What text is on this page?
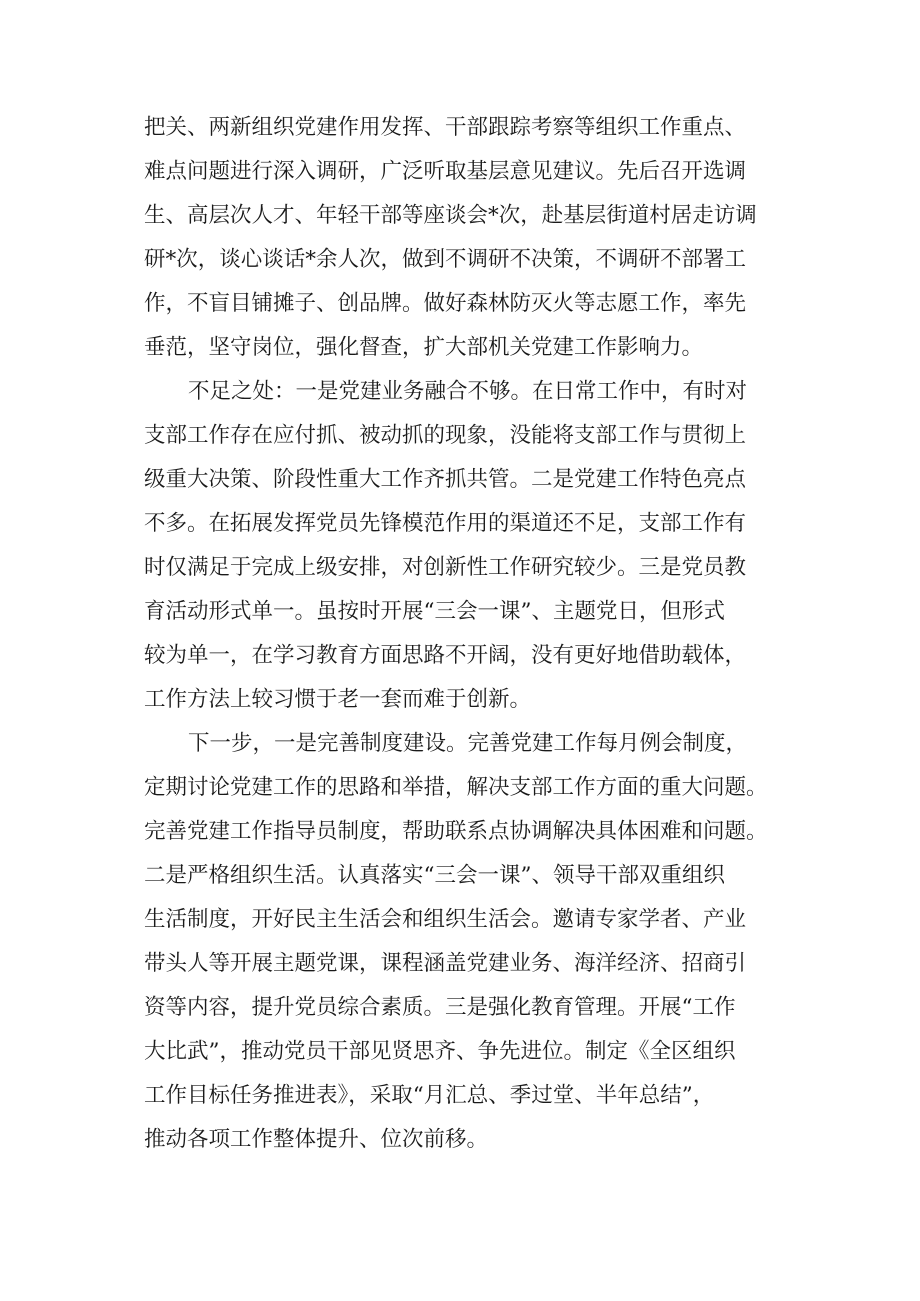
把关、两新组织党建作用发挥、干部跟踪考察等组织工作重点、
难点问题进行深入调研，广泛听取基层意见建议。先后召开选调
生、高层次人才、年轻干部等座谈会*次，赴基层街道村居走访调
研*次，谈心谈话*余人次，做到不调研不决策，不调研不部署工
作，不盲目铺摊子、创品牌。做好森林防灭火等志愿工作，率先
垂范，坚守岗位，强化督查，扩大部机关党建工作影响力。
不足之处：一是党建业务融合不够。在日常工作中，有时对
支部工作存在应付抓、被动抓的现象，没能将支部工作与贯彻上
级重大决策、阶段性重大工作齐抓共管。二是党建工作特色亮点
不多。在拓展发挥党员先锋模范作用的渠道还不足，支部工作有
时仅满足于完成上级安排，对创新性工作研究较少。三是党员教
育活动形式单一。虽按时开展“三会一课”、主题党日，但形式
较为单一，在学习教育方面思路不开阔，没有更好地借助载体，
工作方法上较习惯于老一套而难于创新。
下一步，一是完善制度建设。完善党建工作每月例会制度，
定期讨论党建工作的思路和举措，解决支部工作方面的重大问题。
完善党建工作指导员制度，帮助联系点协调解决具体困难和问题。
二是严格组织生活。认真落实“三会一课”、领导干部双重组织
生活制度，开好民主生活会和组织生活会。邀请专家学者、产业
带头人等开展主题党课，课程涵盖党建业务、海洋经济、招商引
资等内容，提升党员综合素质。三是强化教育管理。开展“工作
大比武”，推动党员干部见贤思齐、争先进位。制定《全区组织
工作目标任务推进表》，采取“月汇总、季过堂、半年总结”，
推动各项工作整体提升、位次前移。
